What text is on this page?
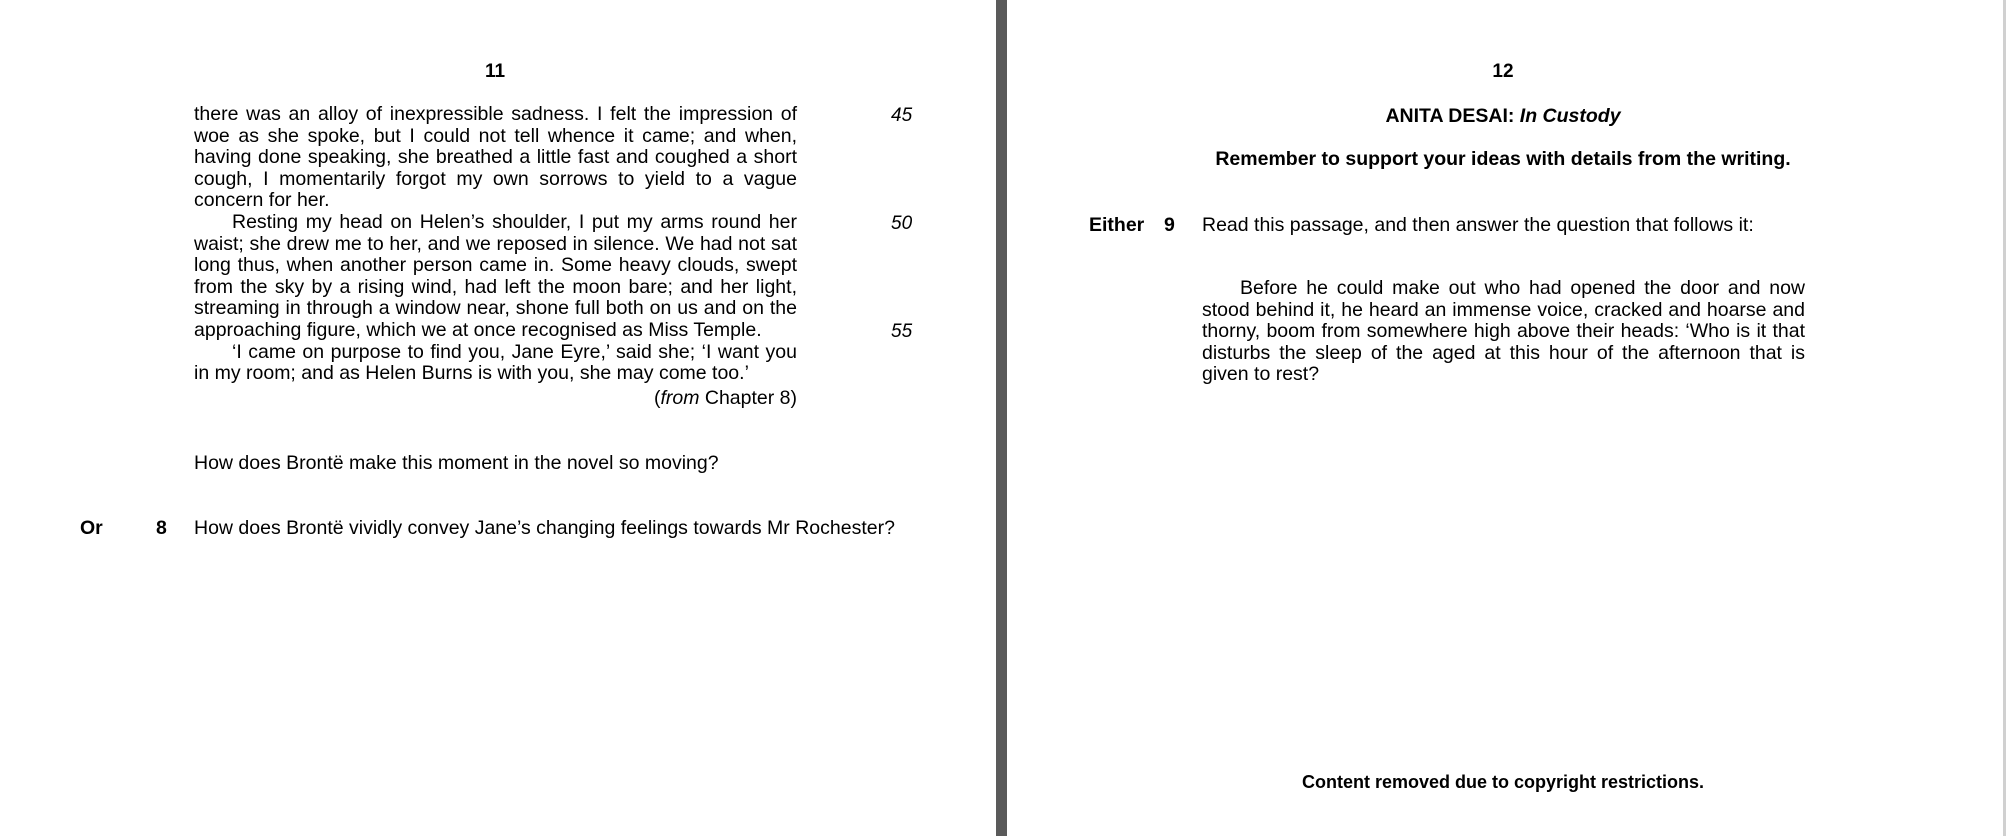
11

there was an alloy of inexpressible sadness. I felt the impression of woe as she spoke, but I could not tell whence it came; and when, having done speaking, she breathed a little fast and coughed a short cough, I momentarily forgot my own sorrows to yield to a vague concern for her.

Resting my head on Helen’s shoulder, I put my arms round her waist; she drew me to her, and we reposed in silence. We had not sat long thus, when another person came in. Some heavy clouds, swept from the sky by a rising wind, had left the moon bare; and her light, streaming in through a window near, shone full both on us and on the approaching figure, which we at once recognised as Miss Temple.

‘I came on purpose to find you, Jane Eyre,’ said she; ‘I want you in my room; and as Helen Burns is with you, she may come too.’

45
50
55
(from Chapter 8)
How does Brontë make this moment in the novel so moving?
Or	8 How does Brontë vividly convey Jane’s changing feelings towards Mr Rochester?
12
ANITA DESAI: In Custody
Remember to support your ideas with details from the writing.
Either 9 Read this passage, and then answer the question that follows it:

Before he could make out who had opened the door and now stood behind it, he heard an immense voice, cracked and hoarse and thorny, boom from somewhere high above their heads: ‘Who is it that disturbs the sleep of the aged at this hour of the afternoon that is given to rest?

Content removed due to copyright restrictions.
